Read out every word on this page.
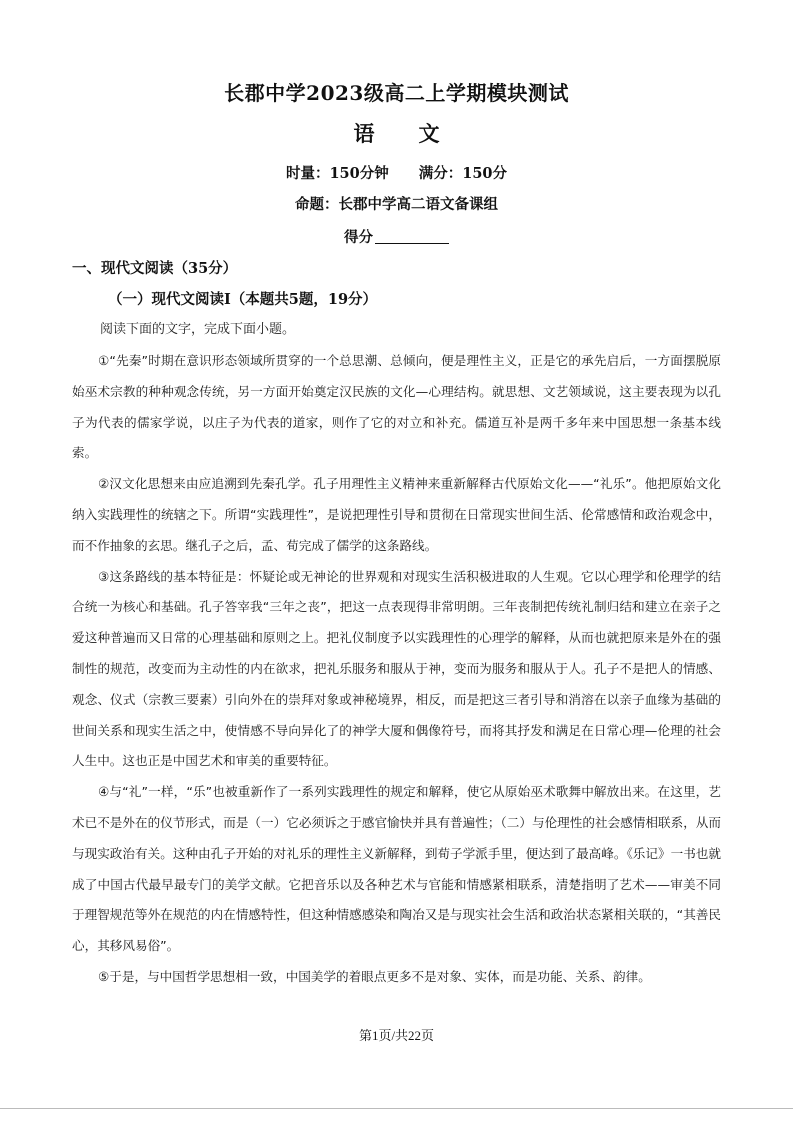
长郡中学2023级高二上学期模块测试
语 文
时量：150分钟 满分：150分
命题：长郡中学高二语文备课组
得分
一、现代文阅读（35分）
（一）现代文阅读Ⅰ（本题共5题，19分）
阅读下面的文字，完成下面小题。

①“先秦”时期在意识形态领域所贯穿的一个总思潮、总倾向，便是理性主义，正是它的承先启后，一方面摆脱原始巫术宗教的种种观念传统，另一方面开始奠定汉民族的文化—心理结构。就思想、文艺领域说，这主要表现为以孔子为代表的儒家学说，以庄子为代表的道家，则作了它的对立和补充。儒道互补是两千多年来中国思想一条基本线索。

②汉文化思想来由应追溯到先秦孔学。孔子用理性主义精神来重新解释古代原始文化——“礼乐”。他把原始文化纳入实践理性的统辖之下。所谓“实践理性”，是说把理性引导和贯彻在日常现实世间生活、伦常感情和政治观念中，而不作抽象的玄思。继孔子之后，孟、荀完成了儒学的这条路线。

③这条路线的基本特征是：怀疑论或无神论的世界观和对现实生活积极进取的人生观。它以心理学和伦理学的结合统一为核心和基础。孔子答宰我“三年之丧”，把这一点表现得非常明朗。三年丧制把传统礼制归结和建立在亲子之爱这种普遍而又日常的心理基础和原则之上。把礼仪制度予以实践理性的心理学的解释，从而也就把原来是外在的强制性的规范，改变而为主动性的内在欲求，把礼乐服务和服从于神，变而为服务和服从于人。孔子不是把人的情感、观念、仪式（宗教三要素）引向外在的崇拜对象或神秘境界，相反，而是把这三者引导和消溶在以亲子血缘为基础的世间关系和现实生活之中，使情感不导向异化了的神学大厦和偶像符号，而将其抒发和满足在日常心理—伦理的社会人生中。这也正是中国艺术和审美的重要特征。

④与“礼”一样，“乐”也被重新作了一系列实践理性的规定和解释，使它从原始巫术歌舞中解放出来。在这里，艺术已不是外在的仪节形式，而是（一）它必须诉之于感官愉快并具有普遍性；（二）与伦理性的社会感情相联系，从而与现实政治有关。这种由孔子开始的对礼乐的理性主义新解释，到荀子学派手里，便达到了最高峰。《乐记》一书也就成了中国古代最早最专门的美学文献。它把音乐以及各种艺术与官能和情感紧相联系，清楚指明了艺术——审美不同于理智规范等外在规范的内在情感特性，但这种情感感染和陶冶又是与现实社会生活和政治状态紧相关联的，“其善民心，其移风易俗”。

⑤于是，与中国哲学思想相一致，中国美学的着眼点更多不是对象、实体，而是功能、关系、韵律。

第1页/共22页
